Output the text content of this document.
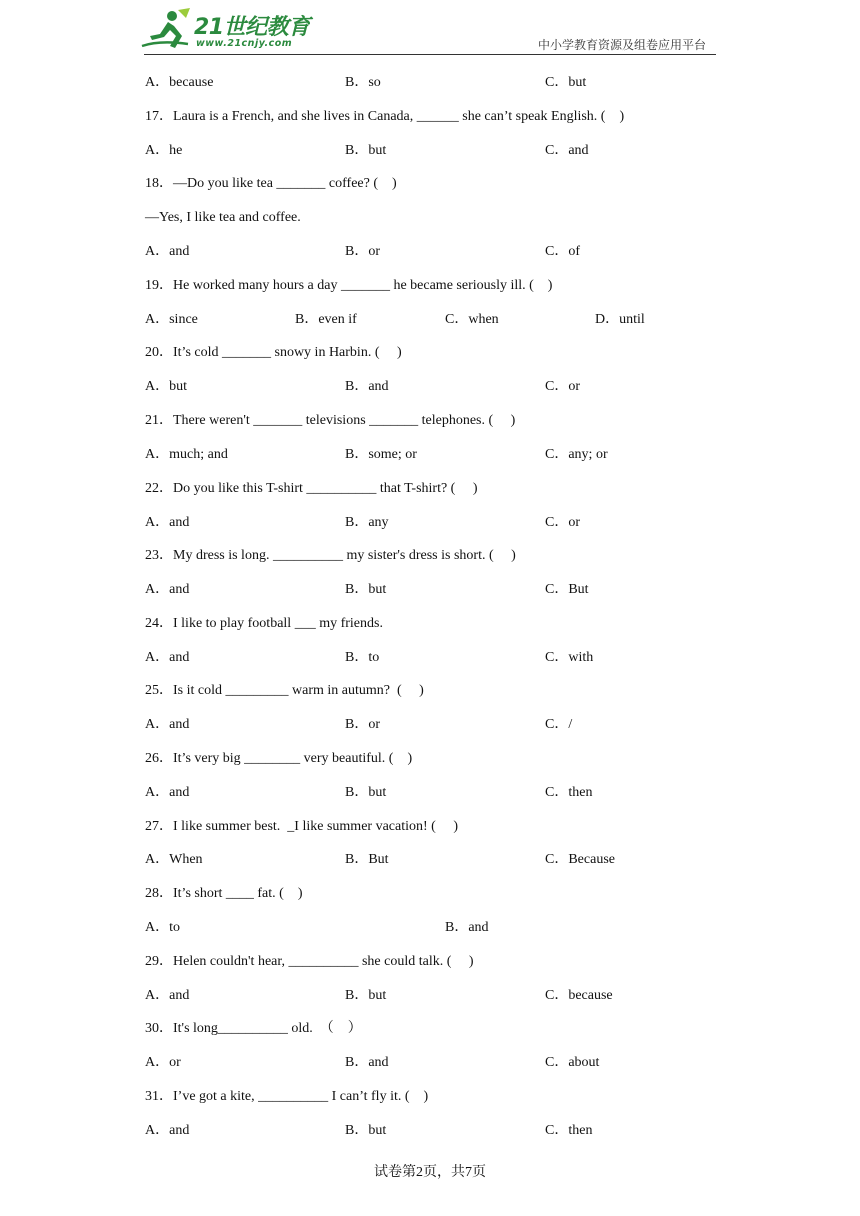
21世纪教育
www.21cnjy.com	中小学教育资源及组卷应用平台
A．because	B．so	C．but
17．Laura is a French, and she lives in Canada, ______ she can’t speak English. (    )
A．he	B．but	C．and
18．—Do you like tea _______ coffee? (    )
—Yes, I like tea and coffee.
A．and	B．or	C．of
19．He worked many hours a day _______ he became seriously ill. (    )
A．since	B．even if	C．when	D．until
20．It’s cold _______ snowy in Harbin. (     )
A．but	B．and	C．or
21．There weren't _______ televisions _______ telephones. (     )
A．much; and	B．some; or	C．any; or
22．Do you like this T-shirt __________ that T-shirt? (     )
A．and	B．any	C．or
23．My dress is long. __________ my sister's dress is short. (     )
A．and	B．but	C．But
24．I like to play football ___ my friends.
A．and	B．to	C．with
25．Is it cold _________ warm in autumn?  (     )
A．and	B．or	C．/
26．It’s very big ________ very beautiful. (    )
A．and	B．but	C．then
27．I like summer best.  _I like summer vacation! (     )
A．When	B．But	C．Because
28．It’s short ____ fat. (    )
A．to	B．and
29．Helen couldn't hear, __________ she could talk. (     )
A．and	B．but	C．because
30．It's long__________ old.  （    ）
A．or	B．and	C．about
31．I’ve got a kite, __________ I can’t fly it. (    )
A．and	B．but	C．then
试卷第2页，共7页
